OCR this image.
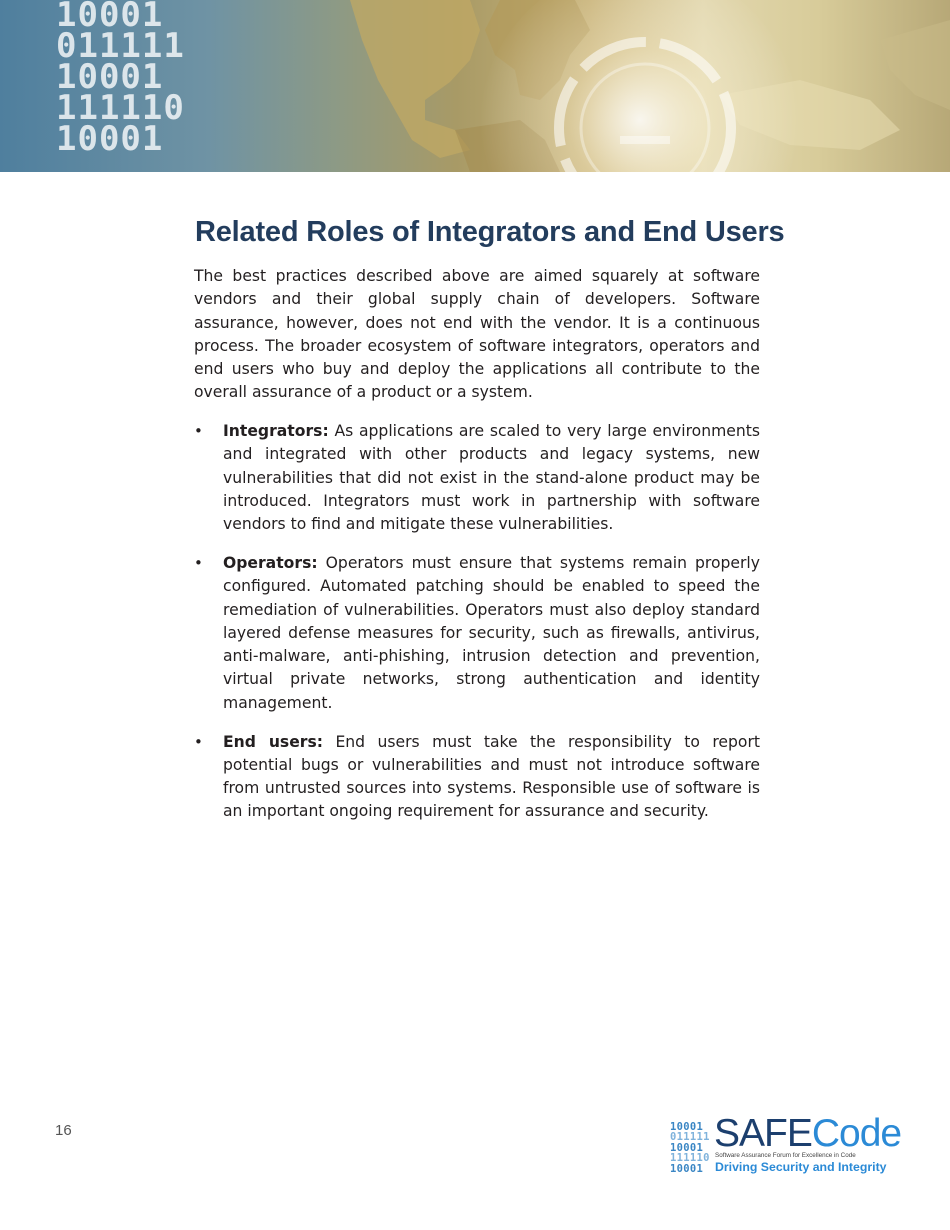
10001
011111
10001
111110
10001
Related Roles of Integrators and End Users

The best practices described above are aimed squarely at software vendors and their global supply chain of developers. Software assurance, however, does not end with the vendor. It is a continuous process. The broader ecosystem of software integrators, operators and end users who buy and deploy the applications all contribute to the overall assurance of a product or a system.

• Integrators: As applications are scaled to very large environments and integrated with other products and legacy systems, new vulnerabilities that did not exist in the stand-alone product may be introduced. Integrators must work in partnership with software vendors to find and mitigate these vulnerabilities.
• Operators: Operators must ensure that systems remain properly configured. Automated patching should be enabled to speed the remediation of vulnerabilities. Operators must also deploy standard layered defense measures for security, such as firewalls, antivirus, anti-malware, anti-phishing, intrusion detection and prevention, virtual private networks, strong authentication and identity management.
• End users: End users must take the responsibility to report potential bugs or vulnerabilities and must not introduce software from untrusted sources into systems. Responsible use of software is an important ongoing requirement for assurance and security.
16	10001
011111
10001
111110
10001
SAFECode
Software Assurance Forum for Excellence in Code
Driving Security and Integrity
